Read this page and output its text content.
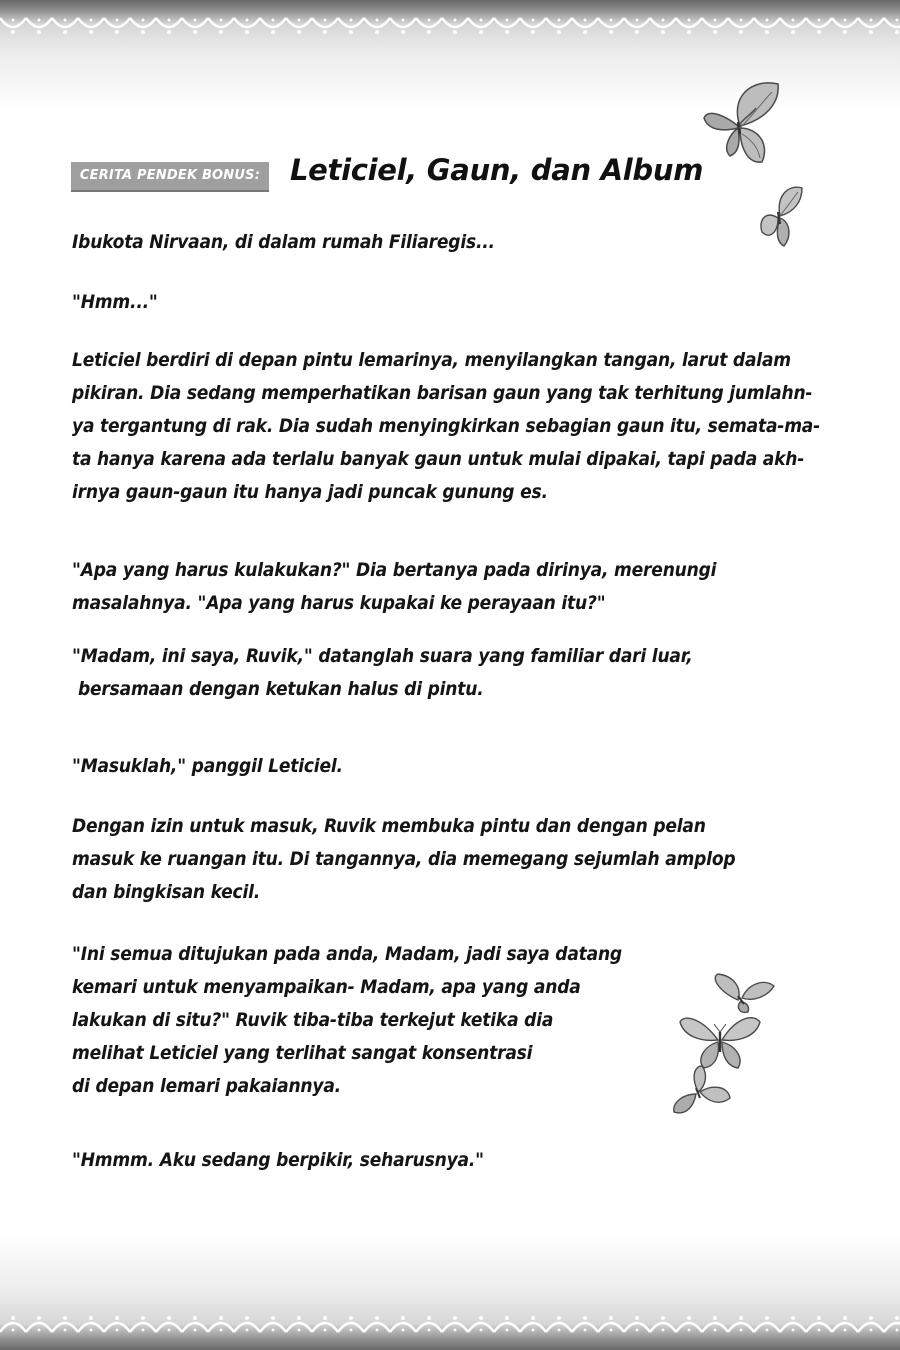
CERITA PENDEK BONUS:	Leticiel, Gaun, dan Album

Ibukota Nirvaan, di dalam rumah Filiaregis...

"Hmm..."

Leticiel berdiri di depan pintu lemarinya, menyilangkan tangan, larut dalam
pikiran. Dia sedang memperhatikan barisan gaun yang tak terhitung jumlahn-
ya tergantung di rak. Dia sudah menyingkirkan sebagian gaun itu, semata-ma-
ta hanya karena ada terlalu banyak gaun untuk mulai dipakai, tapi pada akh-
irnya gaun-gaun itu hanya jadi puncak gunung es.

"Apa yang harus kulakukan?" Dia bertanya pada dirinya, merenungi
masalahnya. "Apa yang harus kupakai ke perayaan itu?"

"Madam, ini saya, Ruvik," datanglah suara yang familiar dari luar,
bersamaan dengan ketukan halus di pintu.

"Masuklah," panggil Leticiel.

Dengan izin untuk masuk, Ruvik membuka pintu dan dengan pelan
masuk ke ruangan itu. Di tangannya, dia memegang sejumlah amplop
dan bingkisan kecil.

"Ini semua ditujukan pada anda, Madam, jadi saya datang
kemari untuk menyampaikan- Madam, apa yang anda
lakukan di situ?" Ruvik tiba-tiba terkejut ketika dia
melihat Leticiel yang terlihat sangat konsentrasi
di depan lemari pakaiannya.

"Hmmm. Aku sedang berpikir, seharusnya."
